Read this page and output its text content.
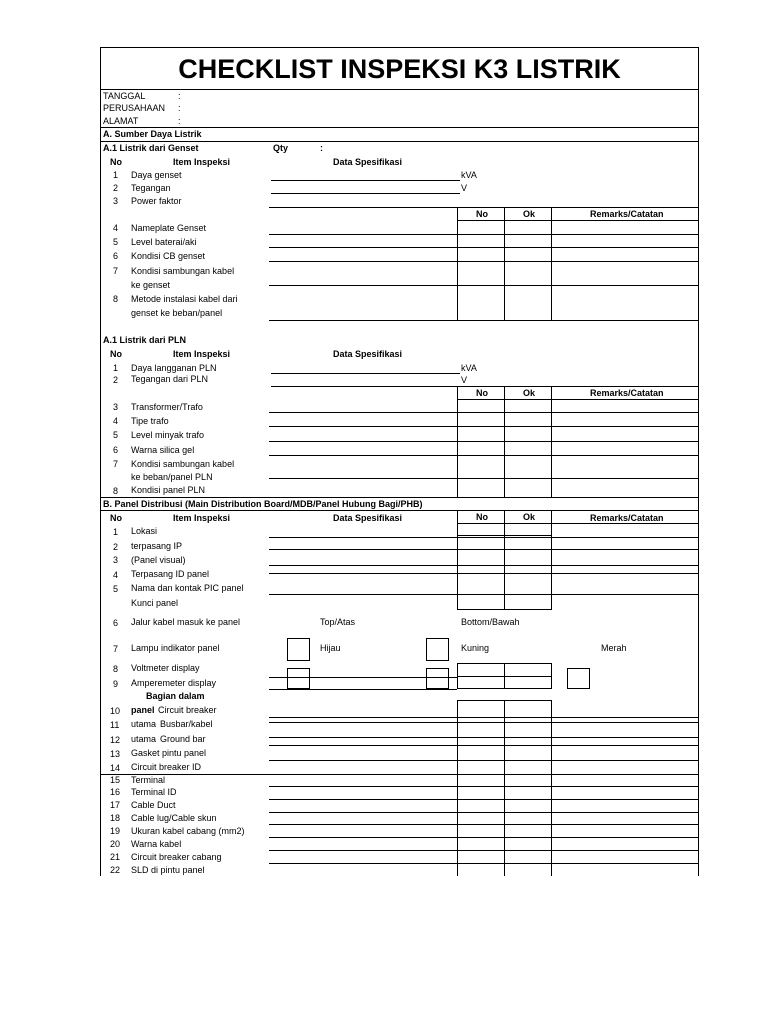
CHECKLIST INSPEKSI K3 LISTRIK
TANGGAL	:
PERUSAHAAN :
ALAMAT	:
A. Sumber Daya Listrik
A.1 Listrik dari Genset	Qty	:
No	Item Inspeksi	Data Spesifikasi
1 Daya genset	kVA
2 Tegangan	V
3 Power faktor
No	Ok	Remarks/Catatan
4 Nameplate Genset
5 Level baterai/aki
6 Kondisi CB genset
7 Kondisi sambungan kabel
ke genset
8 Metode instalasi kabel dari
genset ke beban/panel
A.1 Listrik dari PLN
No	Item Inspeksi	Data Spesifikasi
1 Daya langganan PLN	kVA
2 Tegangan dari PLN	V
No	Ok	Remarks/Catatan
3 Transformer/Trafo
4 Tipe trafo
5 Level minyak trafo
6 Warna silica gel
7 Kondisi sambungan kabel
ke beban/panel PLN
8 Kondisi panel PLN
B. Panel Distribusi (Main Distribution Board/MDB/Panel Hubung Bagi/PHB)
No	Item Inspeksi	Data Spesifikasi	No	Ok	Remarks/Catatan
1 Lokasi
2 terpasang IP
3 (Panel visual)
4 Terpasang ID panel
5 Nama dan kontak PIC panel
Kunci panel
6 Jalur kabel masuk ke panel	Top/Atas	Bottom/Bawah
7 Lampu indikator panel	Hijau	Kuning	Merah
8 Voltmeter display
9 Amperemeter display
Bagian dalam
10 panel Circuit breaker
11 utama Busbar/kabel
12 utama Ground bar
13 Gasket pintu panel
14 Circuit breaker ID
15 Terminal
16 Terminal ID
17 Cable Duct
18 Cable lug/Cable skun
19 Ukuran kabel cabang (mm2)
20 Warna kabel
21 Circuit breaker cabang
22 SLD di pintu panel
